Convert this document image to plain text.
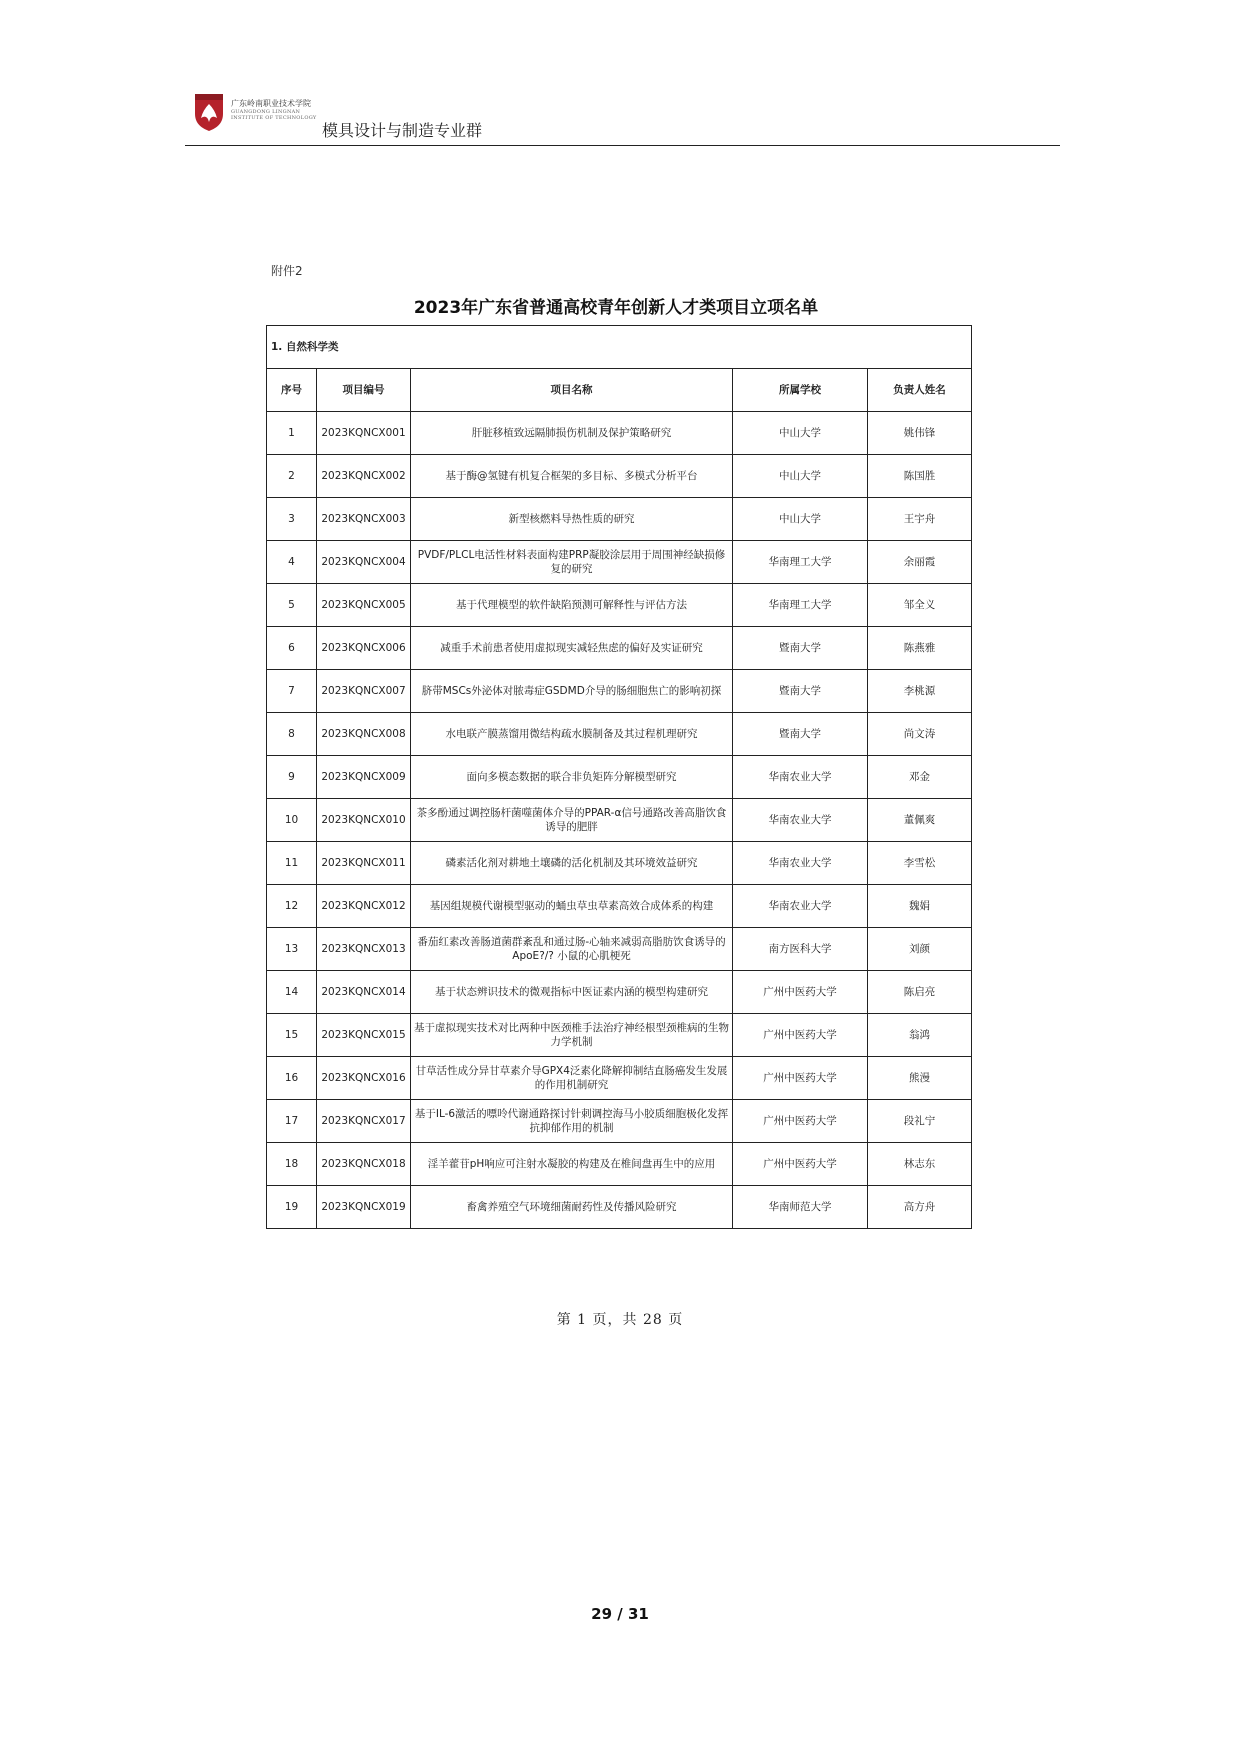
广东岭南职业技术学院
GUANGDONG LINGNAN
INSTITUTE OF TECHNOLOGY
模具设计与制造专业群
附件2
2023年广东省普通高校青年创新人才类项目立项名单
1. 自然科学类				
序号	项目编号	项目名称	所属学校	负责人姓名
1	2023KQNCX001	肝脏移植致远隔肺损伤机制及保护策略研究	中山大学	姚伟锋
2	2023KQNCX002	基于酶@氢键有机复合框架的多目标、多模式分析平台	中山大学	陈国胜
3	2023KQNCX003	新型核燃料导热性质的研究	中山大学	王宇舟
4	2023KQNCX004	PVDF/PLCL电活性材料表面构建PRP凝胶涂层用于周围神经缺损修复的研究	华南理工大学	余丽霞
5	2023KQNCX005	基于代理模型的软件缺陷预测可解释性与评估方法	华南理工大学	邹全义
6	2023KQNCX006	减重手术前患者使用虚拟现实减轻焦虑的偏好及实证研究	暨南大学	陈燕雅
7	2023KQNCX007	脐带MSCs外泌体对脓毒症GSDMD介导的肠细胞焦亡的影响初探	暨南大学	李桃源
8	2023KQNCX008	水电联产膜蒸馏用微结构疏水膜制备及其过程机理研究	暨南大学	尚文涛
9	2023KQNCX009	面向多模态数据的联合非负矩阵分解模型研究	华南农业大学	邓金
10	2023KQNCX010	茶多酚通过调控肠杆菌噬菌体介导的PPAR-α信号通路改善高脂饮食诱导的肥胖	华南农业大学	董佩爽
11	2023KQNCX011	磷素活化剂对耕地土壤磷的活化机制及其环境效益研究	华南农业大学	李雪松
12	2023KQNCX012	基因组规模代谢模型驱动的蛹虫草虫草素高效合成体系的构建	华南农业大学	魏娟
13	2023KQNCX013	番茄红素改善肠道菌群紊乱和通过肠-心轴来减弱高脂肪饮食诱导的ApoE?/? 小鼠的心肌梗死	南方医科大学	刘颜
14	2023KQNCX014	基于状态辨识技术的微观指标中医证素内涵的模型构建研究	广州中医药大学	陈启亮
15	2023KQNCX015	基于虚拟现实技术对比两种中医颈椎手法治疗神经根型颈椎病的生物力学机制	广州中医药大学	翁鸿
16	2023KQNCX016	甘草活性成分异甘草素介导GPX4泛素化降解抑制结直肠癌发生发展的作用机制研究	广州中医药大学	熊漫
17	2023KQNCX017	基于IL-6激活的嘌呤代谢通路探讨针刺调控海马小胶质细胞极化发挥抗抑郁作用的机制	广州中医药大学	段礼宁
18	2023KQNCX018	淫羊藿苷pH响应可注射水凝胶的构建及在椎间盘再生中的应用	广州中医药大学	林志东
19	2023KQNCX019	畜禽养殖空气环境细菌耐药性及传播风险研究	华南师范大学	高方舟
第 1 页，共 28 页
29 / 31
